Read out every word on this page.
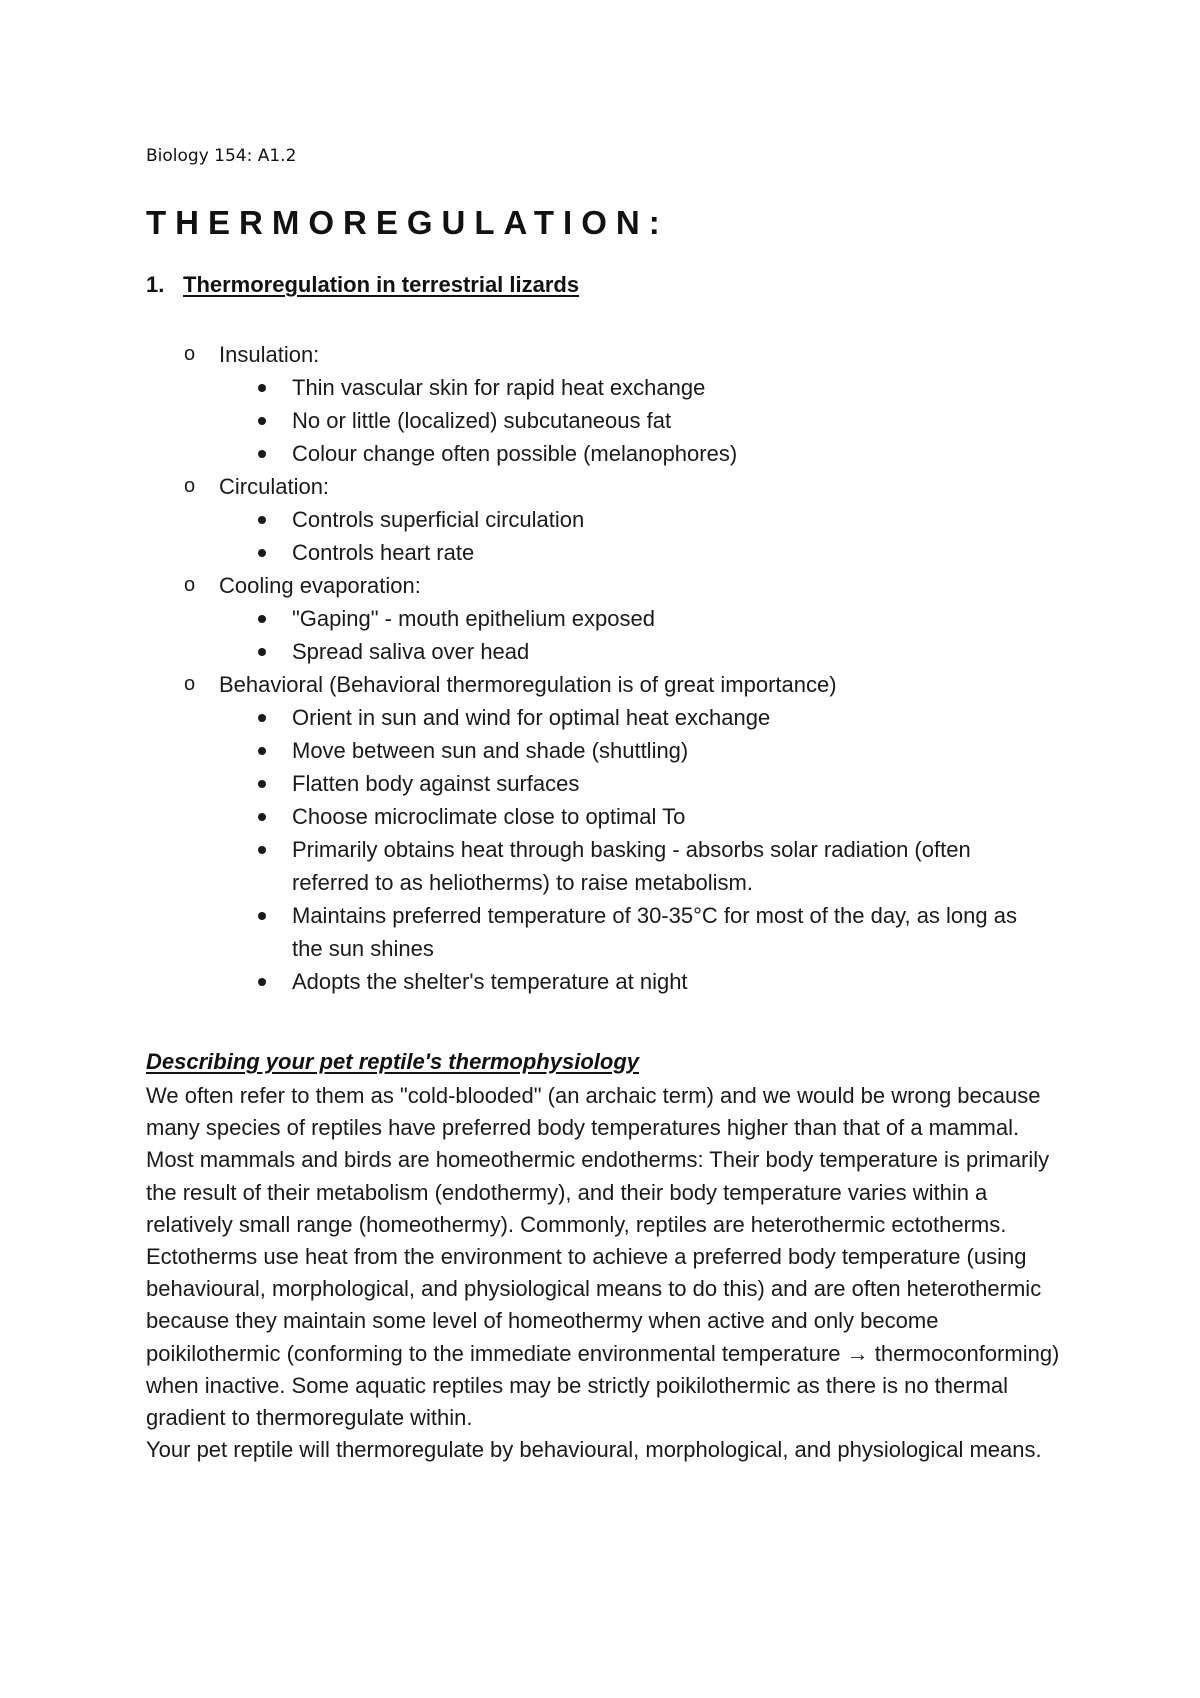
Biology 154: A1.2
THERMOREGULATION:
1. Thermoregulation in terrestrial lizards
o Insulation:
Thin vascular skin for rapid heat exchange
No or little (localized) subcutaneous fat
Colour change often possible (melanophores)
o Circulation:
Controls superficial circulation
Controls heart rate
o Cooling evaporation:
"Gaping" - mouth epithelium exposed
Spread saliva over head
o Behavioral (Behavioral thermoregulation is of great importance)
Orient in sun and wind for optimal heat exchange
Move between sun and shade (shuttling)
Flatten body against surfaces
Choose microclimate close to optimal To
Primarily obtains heat through basking - absorbs solar radiation (often referred to as heliotherms) to raise metabolism.
Maintains preferred temperature of 30-35°C for most of the day, as long as the sun shines
Adopts the shelter's temperature at night
Describing your pet reptile's thermophysiology

We often refer to them as "cold-blooded" (an archaic term) and we would be wrong because many species of reptiles have preferred body temperatures higher than that of a mammal.

Most mammals and birds are homeothermic endotherms: Their body temperature is primarily the result of their metabolism (endothermy), and their body temperature varies within a relatively small range (homeothermy). Commonly, reptiles are heterothermic ectotherms.

Ectotherms use heat from the environment to achieve a preferred body temperature (using behavioural, morphological, and physiological means to do this) and are often heterothermic because they maintain some level of homeothermy when active and only become poikilothermic (conforming to the immediate environmental temperature → thermoconforming) when inactive. Some aquatic reptiles may be strictly poikilothermic as there is no thermal gradient to thermoregulate within.

Your pet reptile will thermoregulate by behavioural, morphological, and physiological means.
